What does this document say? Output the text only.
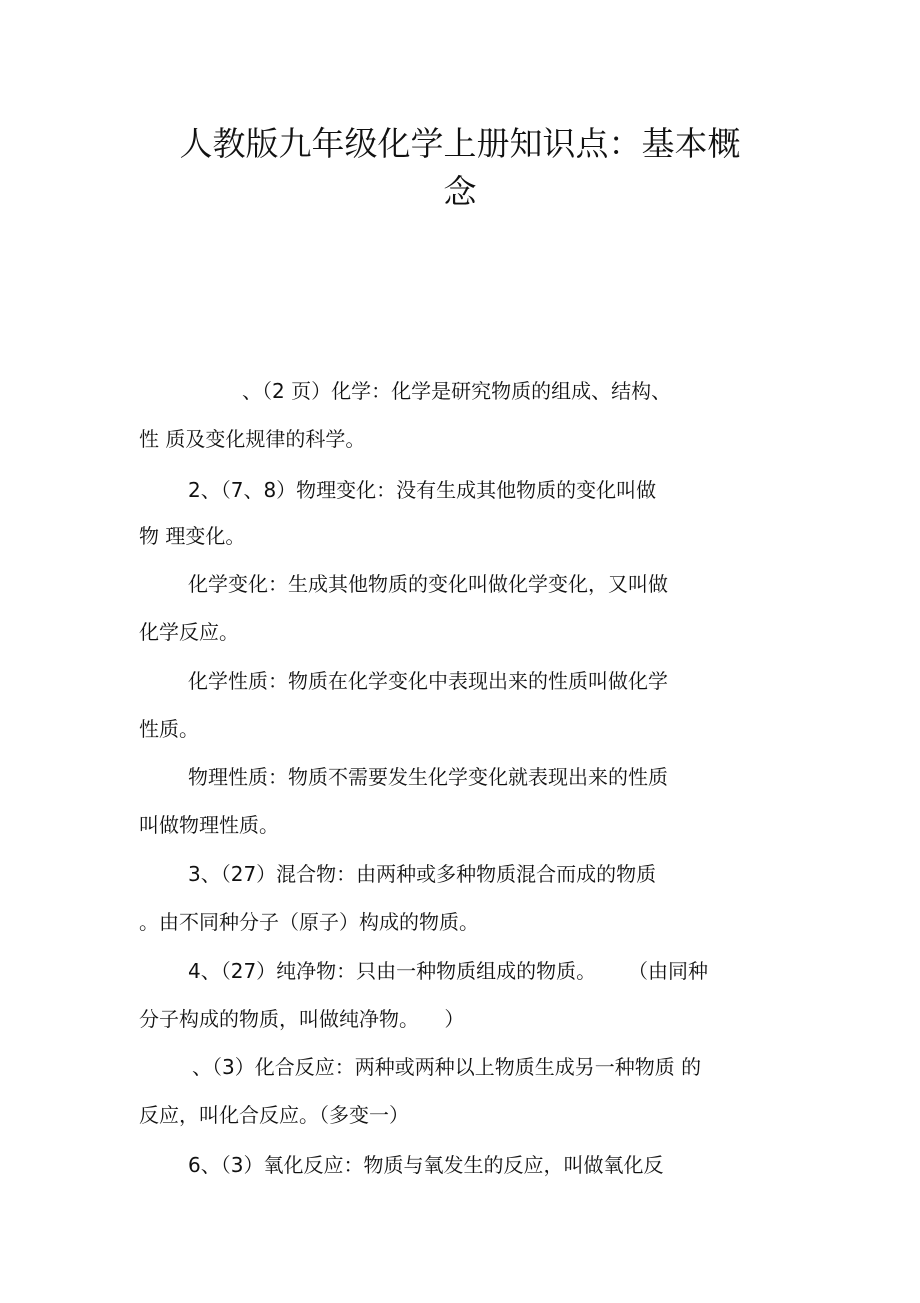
人教版九年级化学上册知识点：基本概
念

、（2 页）化学：化学是研究物质的组成、结构、

性 质及变化规律的科学。

2、（7、8）物理变化：没有生成其他物质的变化叫做

物 理变化。

化学变化：生成其他物质的变化叫做化学变化，又叫做

化学反应。

化学性质：物质在化学变化中表现出来的性质叫做化学

性质。

物理性质：物质不需要发生化学变化就表现出来的性质

叫做物理性质。

3、（27）混合物：由两种或多种物质混合而成的物质

。由不同种分子（原子）构成的物质。

4、（27）纯净物：只由一种物质组成的物质。     （由同种

分子构成的物质，叫做纯净物。    ）

、（3）化合反应：两种或两种以上物质生成另一种物质 的

反应，叫化合反应。（多变一）

6、（3）氧化反应：物质与氧发生的反应，叫做氧化反
